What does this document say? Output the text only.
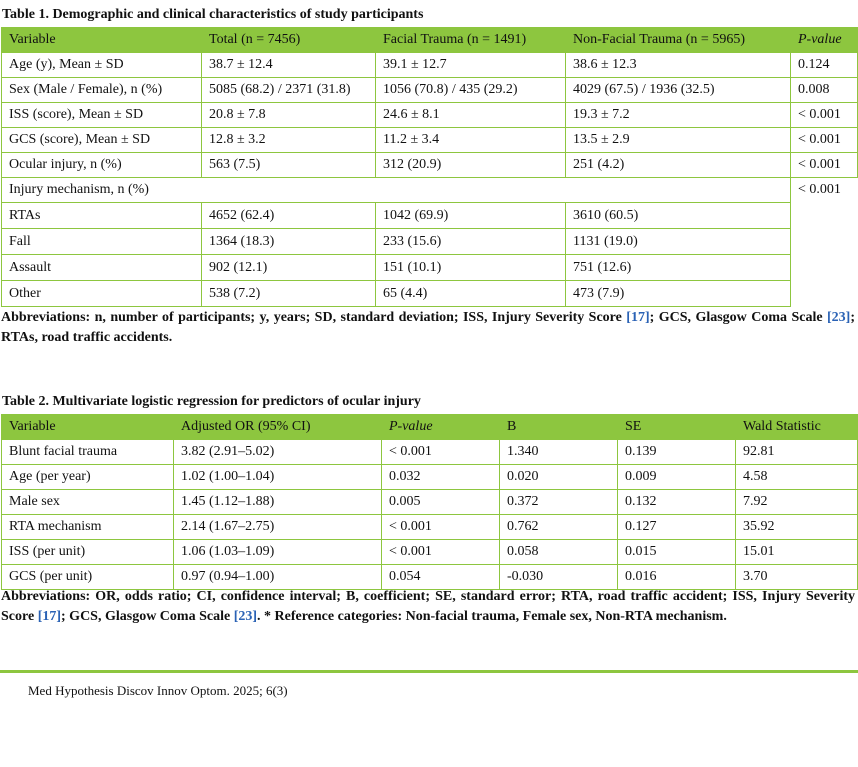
Table 1. Demographic and clinical characteristics of study participants
Variable	Total (n = 7456)	Facial Trauma (n = 1491)	Non-Facial Trauma (n = 5965)	P-value
Age (y), Mean ± SD	38.7 ± 12.4	39.1 ± 12.7	38.6 ± 12.3	0.124
Sex (Male / Female), n (%)	5085 (68.2) / 2371 (31.8)	1056 (70.8) / 435 (29.2)	4029 (67.5) / 1936 (32.5)	0.008
ISS (score), Mean ± SD	20.8 ± 7.8	24.6 ± 8.1	19.3 ± 7.2	< 0.001
GCS (score), Mean ± SD	12.8 ± 3.2	11.2 ± 3.4	13.5 ± 2.9	< 0.001
Ocular injury, n (%)	563 (7.5)	312 (20.9)	251 (4.2)	< 0.001
Injury mechanism, n (%)				< 0.001
RTAs	4652 (62.4)	1042 (69.9)	3610 (60.5)	
Fall	1364 (18.3)	233 (15.6)	1131 (19.0)	
Assault	902 (12.1)	151 (10.1)	751 (12.6)	
Other	538 (7.2)	65 (4.4)	473 (7.9)	
Abbreviations: n, number of participants; y, years; SD, standard deviation; ISS, Injury Severity Score [17]; GCS, Glasgow Coma Scale [23]; RTAs, road traffic accidents.
Table 2. Multivariate logistic regression for predictors of ocular injury
Variable	Adjusted OR (95% CI)	P-value	B	SE	Wald Statistic
Blunt facial trauma	3.82 (2.91–5.02)	< 0.001	1.340	0.139	92.81
Age (per year)	1.02 (1.00–1.04)	0.032	0.020	0.009	4.58
Male sex	1.45 (1.12–1.88)	0.005	0.372	0.132	7.92
RTA mechanism	2.14 (1.67–2.75)	< 0.001	0.762	0.127	35.92
ISS (per unit)	1.06 (1.03–1.09)	< 0.001	0.058	0.015	15.01
GCS (per unit)	0.97 (0.94–1.00)	0.054	-0.030	0.016	3.70
Abbreviations: OR, odds ratio; CI, confidence interval; B, coefficient; SE, standard error; RTA, road traffic accident; ISS, Injury Severity Score [17]; GCS, Glasgow Coma Scale [23]. * Reference categories: Non-facial trauma, Female sex, Non-RTA mechanism.
Med Hypothesis Discov Innov Optom. 2025; 6(3)
